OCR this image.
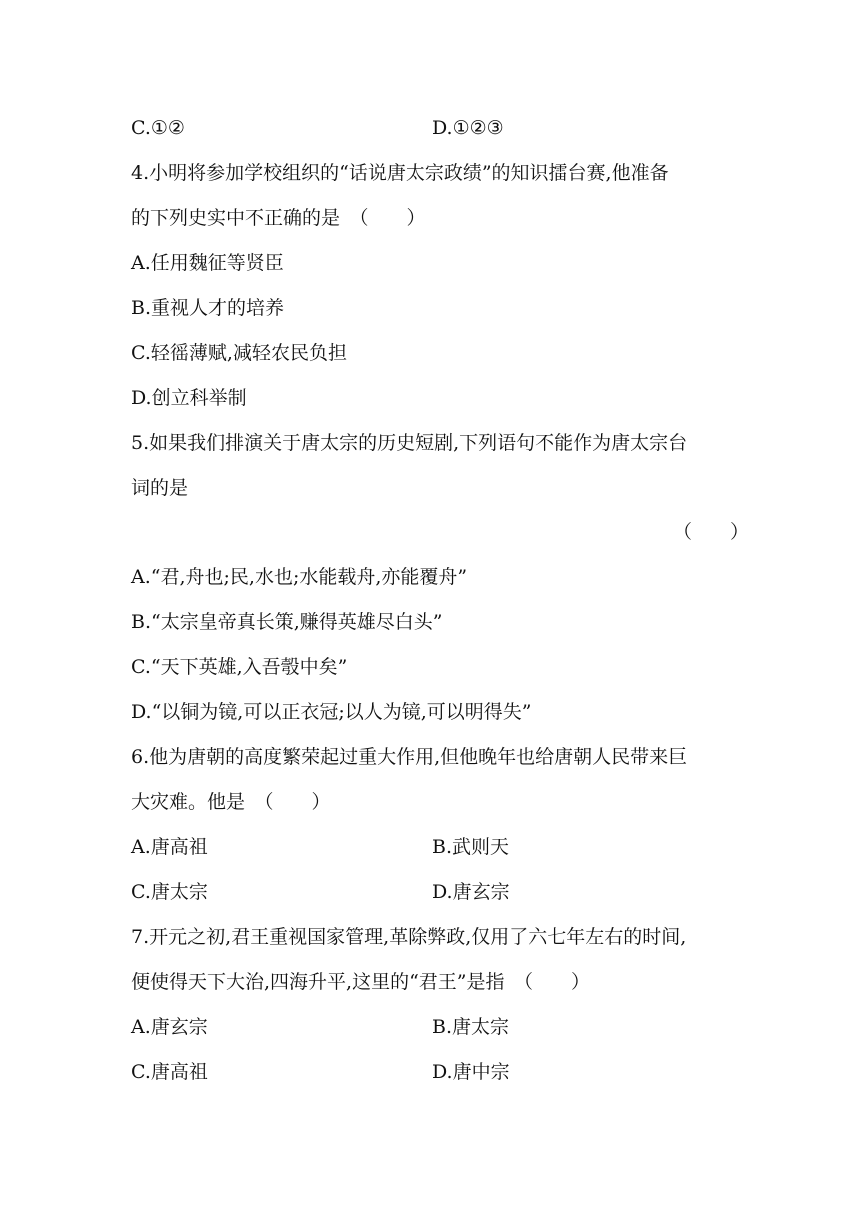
C.①②	D.①②③
4.小明将参加学校组织的“话说唐太宗政绩”的知识擂台赛,他准备
的下列史实中不正确的是　（　　）
A.任用魏征等贤臣
B.重视人才的培养
C.轻徭薄赋,减轻农民负担
D.创立科举制
5.如果我们排演关于唐太宗的历史短剧,下列语句不能作为唐太宗台
词的是
（　　）
A.“君,舟也;民,水也;水能载舟,亦能覆舟”
B.“太宗皇帝真长策,赚得英雄尽白头”
C.“天下英雄,入吾彀中矣”
D.“以铜为镜,可以正衣冠;以人为镜,可以明得失”
6.他为唐朝的高度繁荣起过重大作用,但他晚年也给唐朝人民带来巨
大灾难。他是　（　　）
A.唐高祖	B.武则天
C.唐太宗	D.唐玄宗
7.开元之初,君王重视国家管理,革除弊政,仅用了六七年左右的时间,
便使得天下大治,四海升平,这里的“君王”是指　（　　）
A.唐玄宗	B.唐太宗
C.唐高祖	D.唐中宗
